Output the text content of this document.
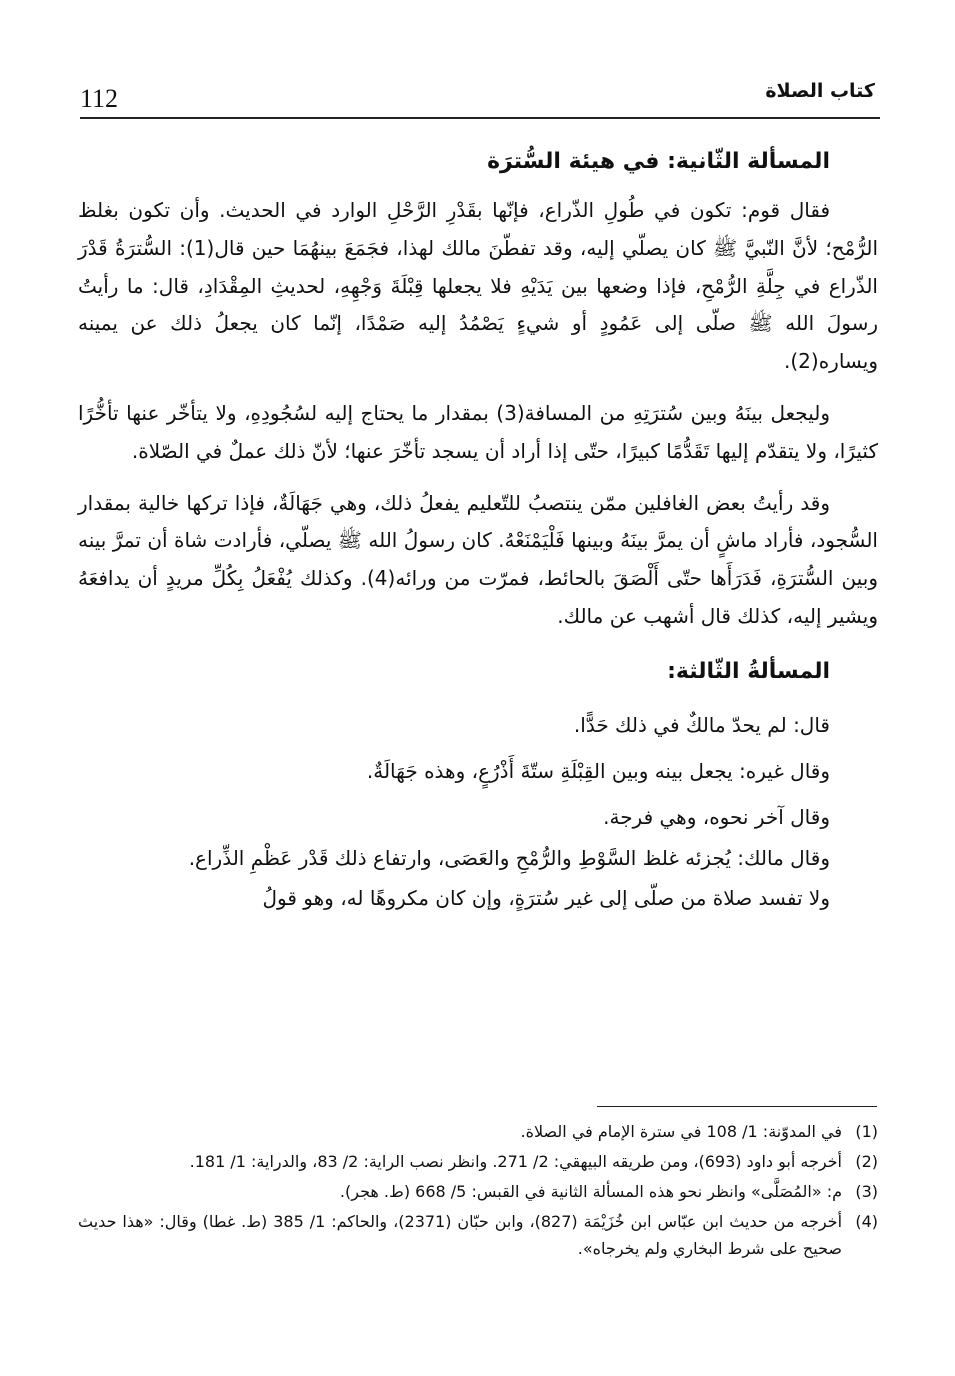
كتاب الصلاة
112
المسألة الثّانية: في هيئة السُّترَة

فقال قوم: تكون في طُولِ الذّراع، فإنّها بقَدْرِ الرَّحْلِ الوارد في الحديث. وأن تكون بغلظ الرُّمْح؛ لأنَّ النّبيَّ ﷺ كان يصلّي إليه، وقد تفطّنَ مالك لهذا، فجَمَعَ بينهُمَا حين قال(1): السُّترَةُ قَدْرَ الذّراع في جِلَّةِ الرُّمْحِ، فإذا وضعها بين يَدَيْهِ فلا يجعلها قِبْلَةَ وَجْهِهِ، لحديثِ المِقْدَادِ، قال: ما رأيتُ رسولَ الله ﷺ صلّى إلى عَمُودٍ أو شيءٍ يَصْمُدُ إليه صَمْدًا، إنّما كان يجعلُ ذلك عن يمينه ويساره(2).

وليجعل بينَهُ وبين سُترَتِهِ من المسافة(3) بمقدار ما يحتاج إليه لسُجُودِهِ، ولا يتأخّر عنها تأخُّرًا كثيرًا، ولا يتقدّم إليها تَقَدُّمًا كبيرًا، حتّى إذا أراد أن يسجد تأخّرَ عنها؛ لأنّ ذلك عملٌ في الصّلاة.

وقد رأيتُ بعض الغافلين ممّن ينتصبُ للتّعليم يفعلُ ذلك، وهي جَهَالَةٌ، فإذا تركها خالية بمقدار السُّجود، فأراد ماشٍ أن يمرَّ بينَهُ وبينها فَلْيَمْنَعْهُ. كان رسولُ الله ﷺ يصلّي، فأرادت شاة أن تمرَّ بينه وبين السُّترَةِ، فَدَرَأَها حتّى أَلْصَقَ بالحائط، فمرّت من ورائه(4). وكذلك يُفْعَلُ بِكُلِّ مريدٍ أن يدافعَهُ ويشير إليه، كذلك قال أشهب عن مالك.

المسألةُ الثّالثة:

قال: لم يحدّ مالكٌ في ذلك حَدًّا.

وقال غيره: يجعل بينه وبين القِبْلَةِ ستّةَ أَذْرُعٍ، وهذه جَهَالَةٌ.

وقال آخر نحوه، وهي فرجة.

وقال مالك: يُجزئه غلظ السَّوْطِ والرُّمْحِ والعَصَى، وارتفاع ذلك قَدْر عَظْمِ الذِّراع.

ولا تفسد صلاة من صلّى إلى غير سُترَةٍ، وإن كان مكروهًا له، وهو قولُ

(1)
في المدوّنة: 1/ 108 في سترة الإمام في الصلاة.
(2)
أخرجه أبو داود (693)، ومن طريقه البيهقي: 2/ 271. وانظر نصب الراية: 2/ 83، والدراية: 1/ 181.
(3)
م: «المُصَلَّى» وانظر نحو هذه المسألة الثانية في القبس: 5/ 668 (ط. هجر).
(4)
أخرجه من حديث ابن عبّاس ابن خُزَيْمَة (827)، وابن حبّان (2371)، والحاكم: 1/ 385 (ط. غطا) وقال: «هذا حديث صحيح على شرط البخاري ولم يخرجاه».
